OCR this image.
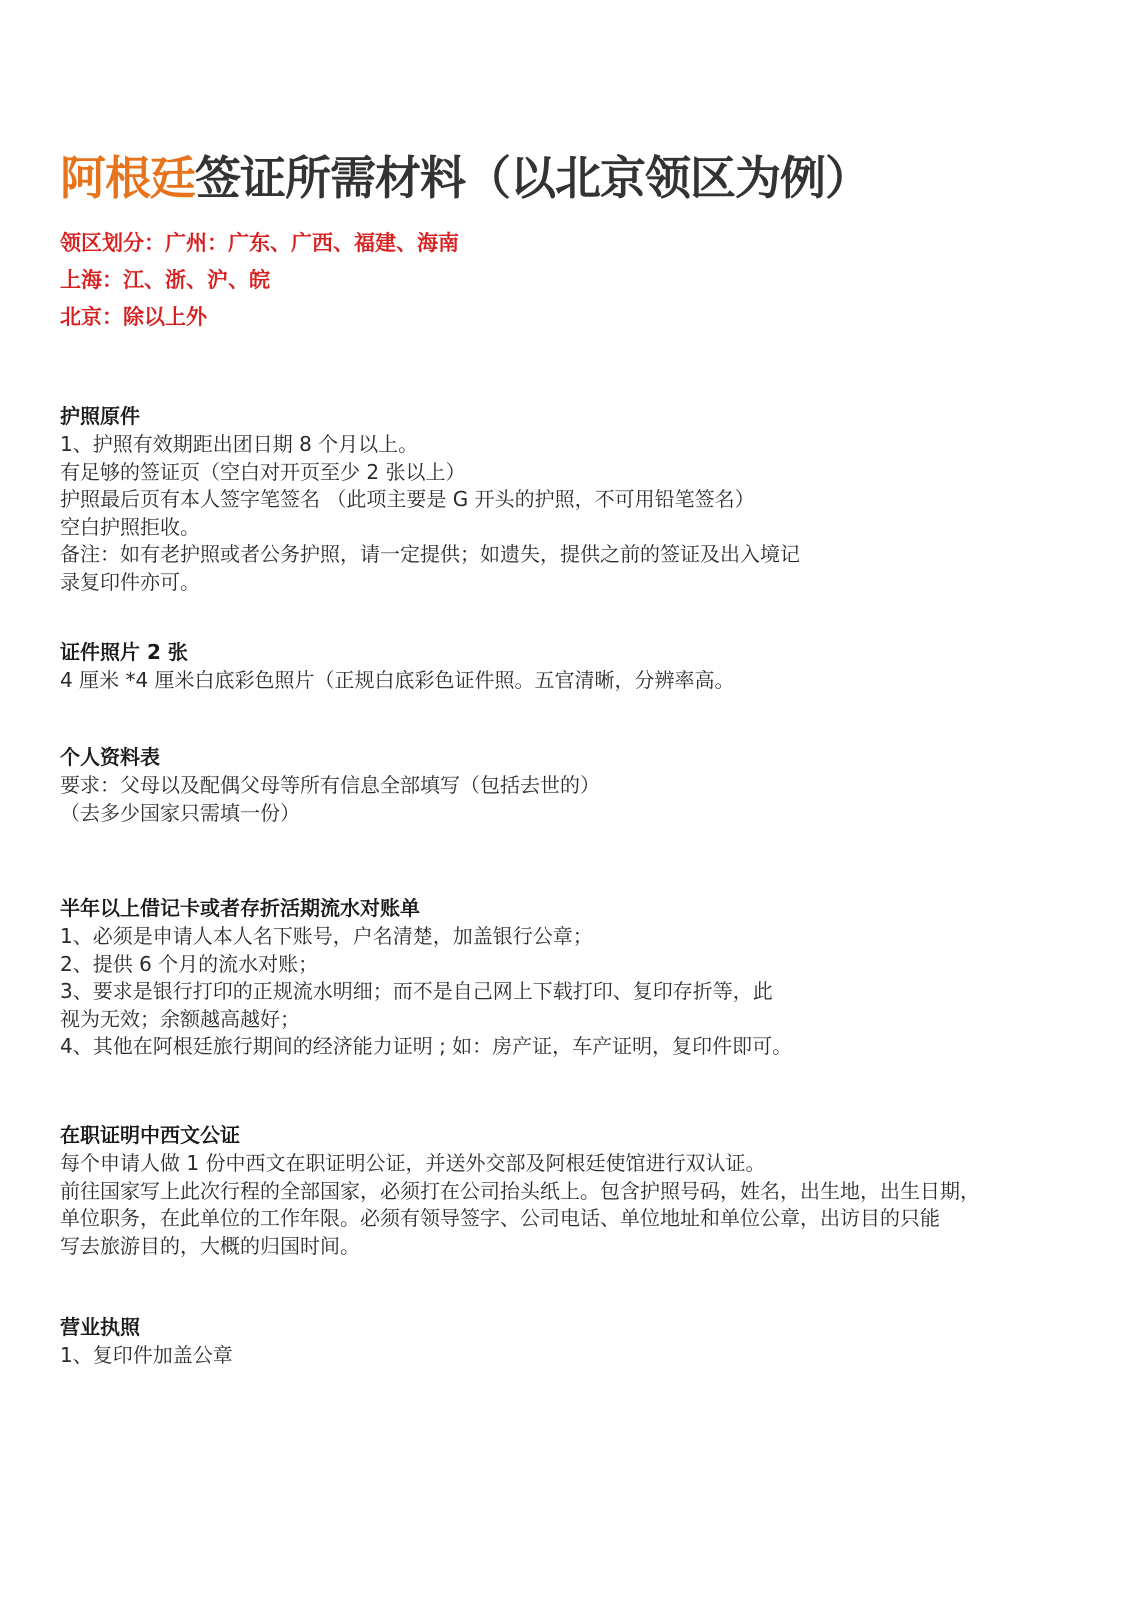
阿根廷签证所需材料（以北京领区为例）
领区划分：广州：广东、广西、福建、海南
上海：江、浙、沪、皖
北京：除以上外

护照原件

1、护照有效期距出团日期 8 个月以上。

有足够的签证页（空白对开页至少 2 张以上）

护照最后页有本人签字笔签名 （此项主要是 G 开头的护照，不可用铅笔签名）

空白护照拒收。

备注：如有老护照或者公务护照，请一定提供；如遗失，提供之前的签证及出入境记

录复印件亦可。

证件照片 2 张

4 厘米 *4 厘米白底彩色照片（正规白底彩色证件照。五官清晰，分辨率高。

个人资料表

要求：父母以及配偶父母等所有信息全部填写（包括去世的）

（去多少国家只需填一份）

半年以上借记卡或者存折活期流水对账单

1、必须是申请人本人名下账号，户名清楚，加盖银行公章；

2、提供 6 个月的流水对账；

3、要求是银行打印的正规流水明细；而不是自己网上下载打印、复印存折等，此

视为无效；余额越高越好；

4、其他在阿根廷旅行期间的经济能力证明 ; 如：房产证，车产证明，复印件即可。

在职证明中西文公证

每个申请人做 1 份中西文在职证明公证，并送外交部及阿根廷使馆进行双认证。

前往国家写上此次行程的全部国家，必须打在公司抬头纸上。包含护照号码，姓名，出生地，出生日期，

单位职务，在此单位的工作年限。必须有领导签字、公司电话、单位地址和单位公章，出访目的只能

写去旅游目的，大概的归国时间。

营业执照

1、复印件加盖公章
